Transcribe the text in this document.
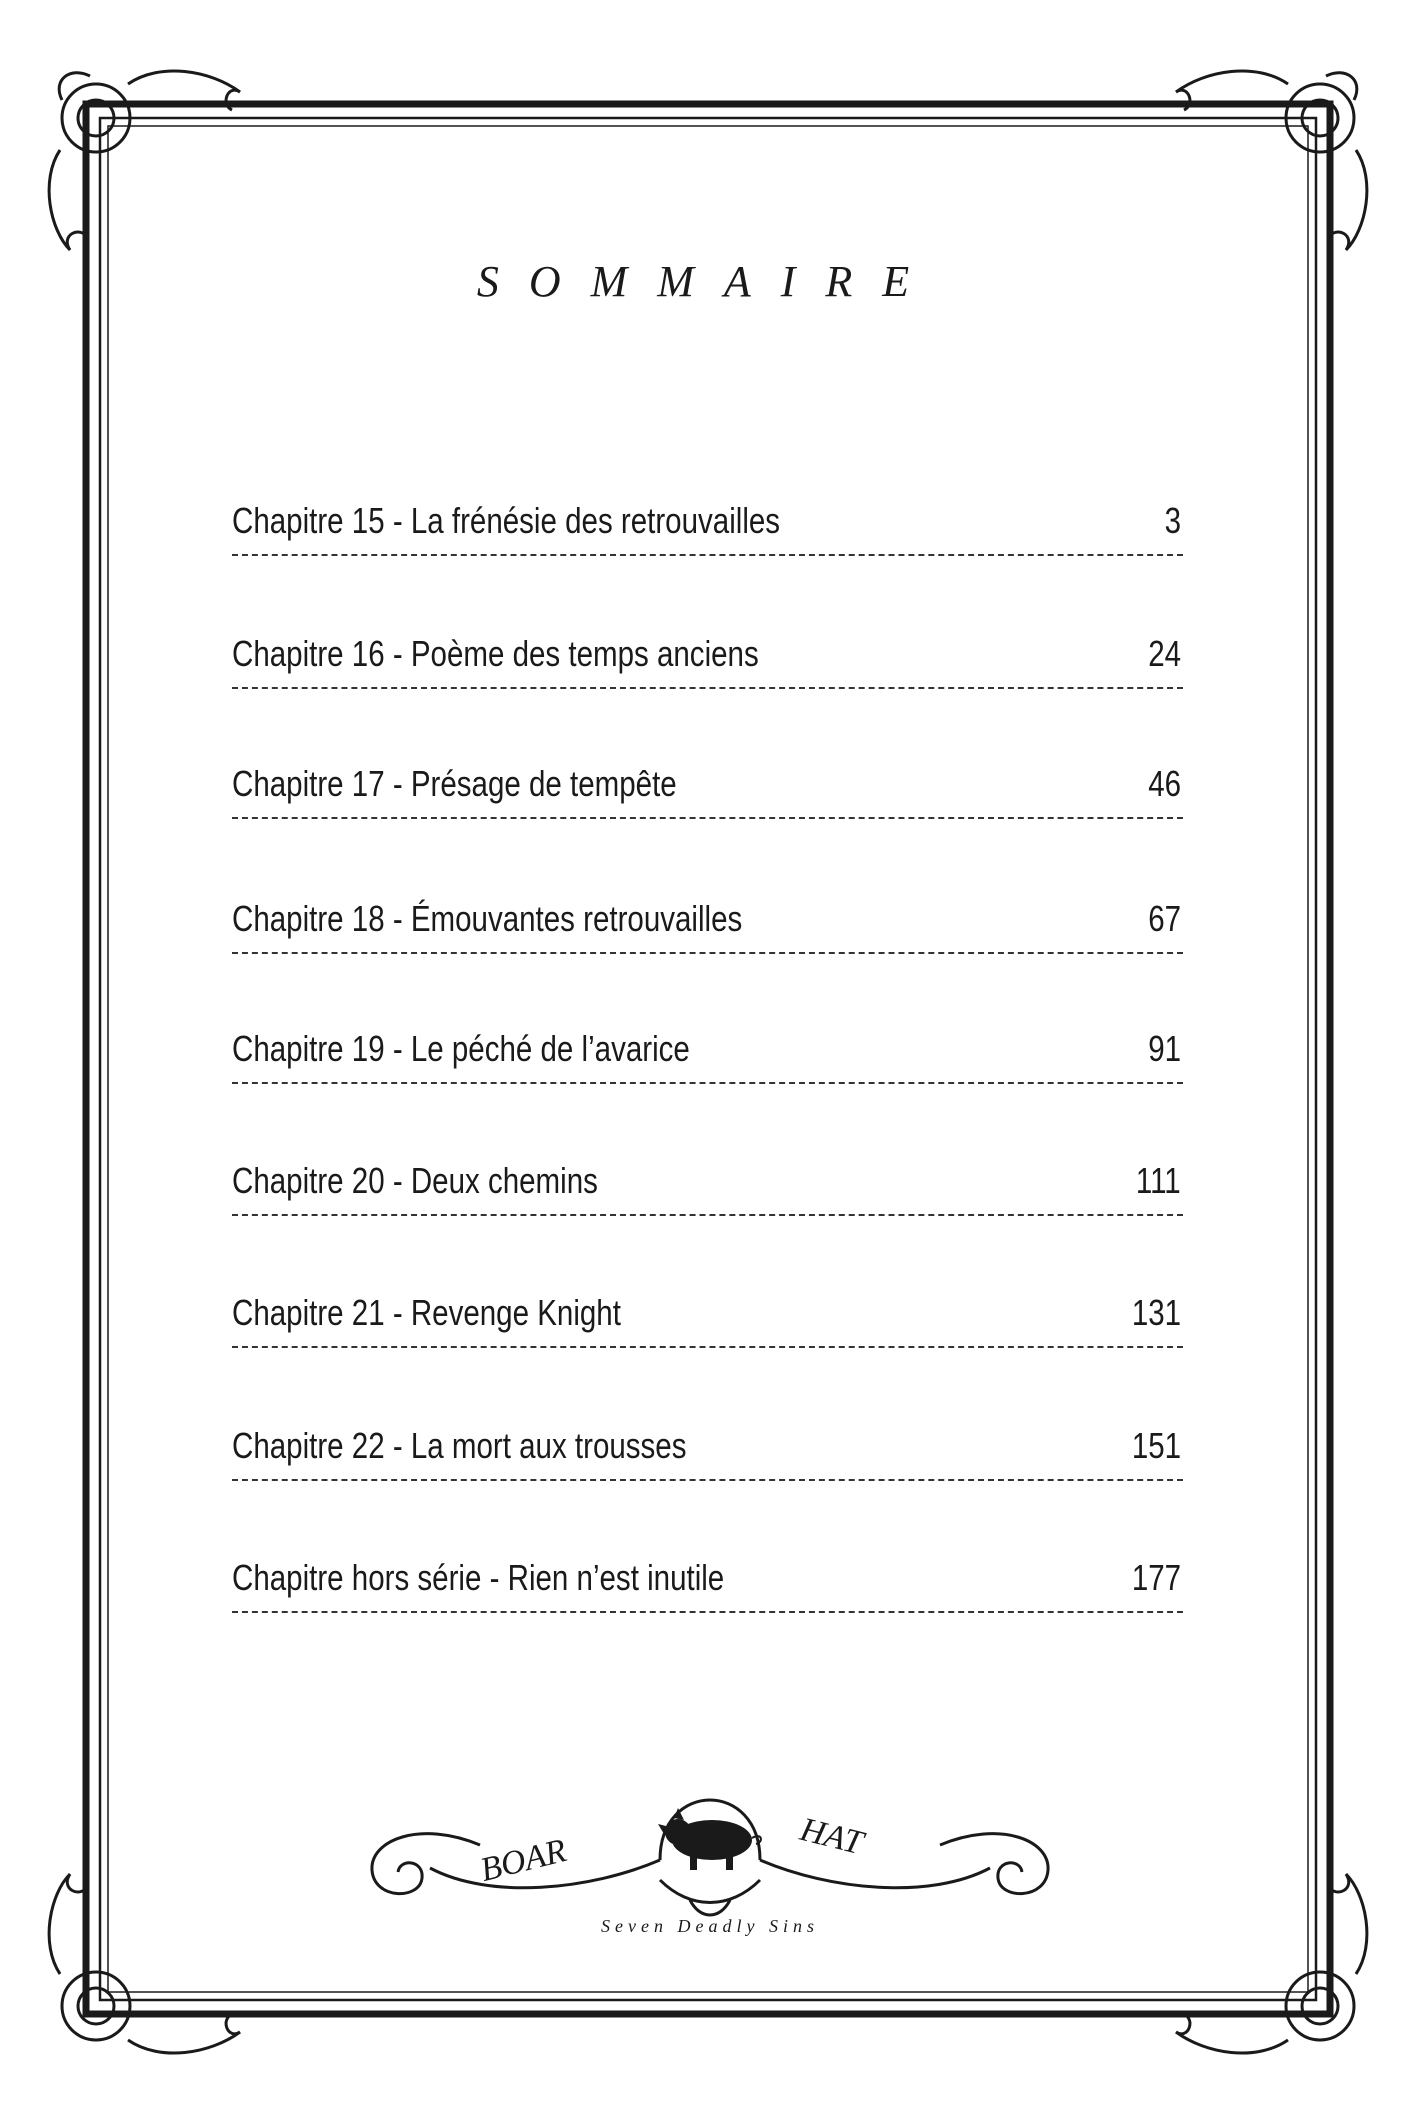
SOMMAIRE
Chapitre 15 - La frénésie des retrouvailles	3
Chapitre 16 - Poème des temps anciens	24
Chapitre 17 - Présage de tempête	46
Chapitre 18 - Émouvantes retrouvailles	67
Chapitre 19 - Le péché de l’avarice	91
Chapitre 20 - Deux chemins	111
Chapitre 21 - Revenge Knight	131
Chapitre 22 - La mort aux trousses	151
Chapitre hors série - Rien n’est inutile	177
BOAR	HAT
Seven Deadly Sins
